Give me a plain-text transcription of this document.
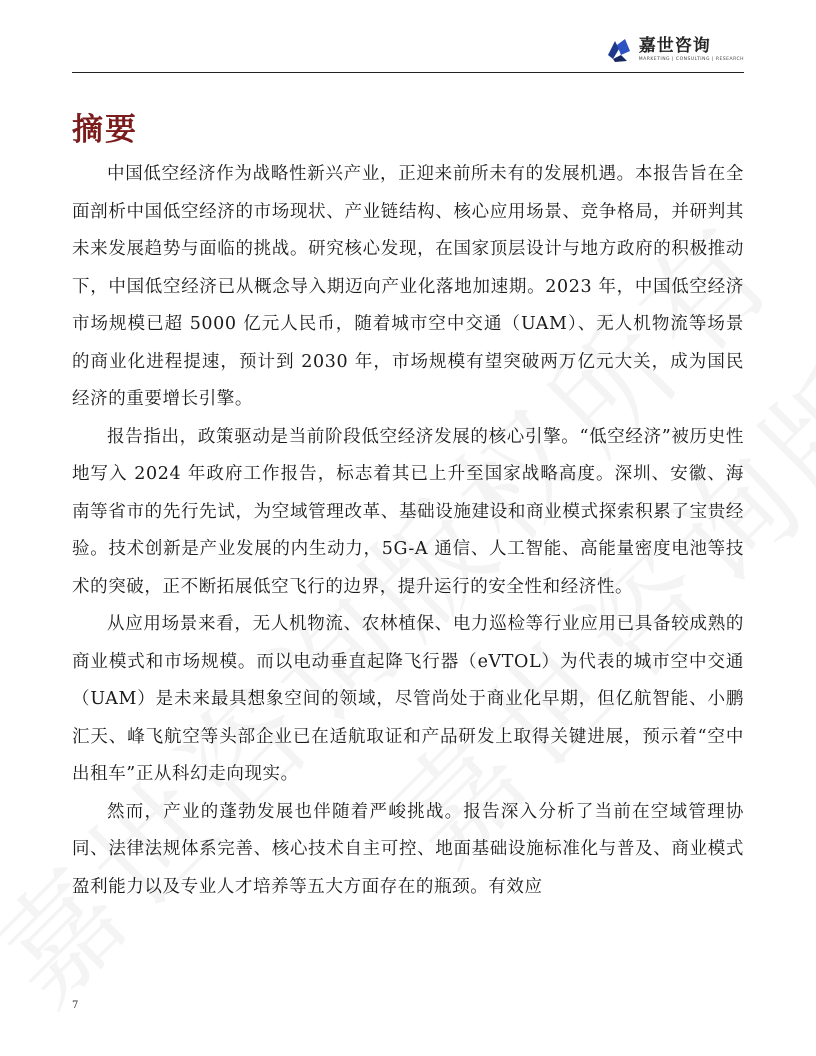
嘉世咨询
MARKETING | CONSULTING | RESEARCH
摘要

中国低空经济作为战略性新兴产业，正迎来前所未有的发展机遇。本报告旨在全面剖析中国低空经济的市场现状、产业链结构、核心应用场景、竞争格局，并研判其未来发展趋势与面临的挑战。研究核心发现，在国家顶层设计与地方政府的积极推动下，中国低空经济已从概念导入期迈向产业化落地加速期。2023 年，中国低空经济市场规模已超 5000 亿元人民币，随着城市空中交通（UAM）、无人机物流等场景的商业化进程提速，预计到 2030 年，市场规模有望突破两万亿元大关，成为国民经济的重要增长引擎。

报告指出，政策驱动是当前阶段低空经济发展的核心引擎。“低空经济”被历史性地写入 2024 年政府工作报告，标志着其已上升至国家战略高度。深圳、安徽、海南等省市的先行先试，为空域管理改革、基础设施建设和商业模式探索积累了宝贵经验。技术创新是产业发展的内生动力，5G-A 通信、人工智能、高能量密度电池等技术的突破，正不断拓展低空飞行的边界，提升运行的安全性和经济性。

从应用场景来看，无人机物流、农林植保、电力巡检等行业应用已具备较成熟的商业模式和市场规模。而以电动垂直起降飞行器（eVTOL）为代表的城市空中交通（UAM）是未来最具想象空间的领域，尽管尚处于商业化早期，但亿航智能、小鹏汇天、峰飞航空等头部企业已在适航取证和产品研发上取得关键进展，预示着“空中出租车”正从科幻走向现实。

然而，产业的蓬勃发展也伴随着严峻挑战。报告深入分析了当前在空域管理协同、法律法规体系完善、核心技术自主可控、地面基础设施标准化与普及、商业模式盈利能力以及专业人才培养等五大方面存在的瓶颈。有效应

7
